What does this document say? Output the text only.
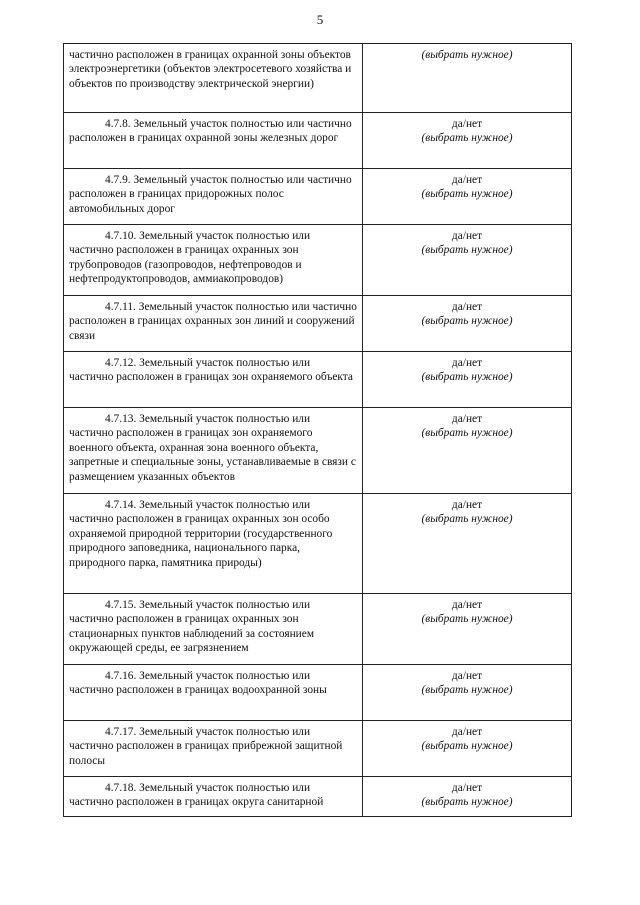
5
частично расположен в границах охранной зоны объектов электроэнергетики (объектов электросетевого хозяйства и объектов по производству электрической энергии)	(выбрать нужное)

4.7.8. Земельный участок полностью или частично расположен в границах охранной зоны железных дорог	да/нет
(выбрать нужное)

4.7.9. Земельный участок полностью или частично расположен в границах придорожных полос автомобильных дорог	да/нет
(выбрать нужное)

4.7.10. Земельный участок полностью или частично расположен в границах охранных зон трубопроводов (газопроводов, нефтепроводов и нефтепродуктопроводов, аммиакопроводов)	да/нет
(выбрать нужное)

4.7.11. Земельный участок полностью или частично расположен в границах охранных зон линий и сооружений связи	да/нет
(выбрать нужное)

4.7.12. Земельный участок полностью или частично расположен в границах зон охраняемого объекта	да/нет
(выбрать нужное)

4.7.13. Земельный участок полностью или частично расположен в границах зон охраняемого военного объекта, охранная зона военного объекта, запретные и специальные зоны, устанавливаемые в связи с размещением указанных объектов	да/нет
(выбрать нужное)

4.7.14. Земельный участок полностью или частично расположен в границах охранных зон особо охраняемой природной территории (государственного природного заповедника, национального парка, природного парка, памятника природы)	да/нет
(выбрать нужное)

4.7.15. Земельный участок полностью или частично расположен в границах охранных зон стационарных пунктов наблюдений за состоянием окружающей среды, ее загрязнением	да/нет
(выбрать нужное)

4.7.16. Земельный участок полностью или частично расположен в границах водоохранной зоны	да/нет
(выбрать нужное)

4.7.17. Земельный участок полностью или частично расположен в границах прибрежной защитной полосы	да/нет
(выбрать нужное)

4.7.18. Земельный участок полностью или частично расположен в границах округа санитарной	да/нет
(выбрать нужное)
